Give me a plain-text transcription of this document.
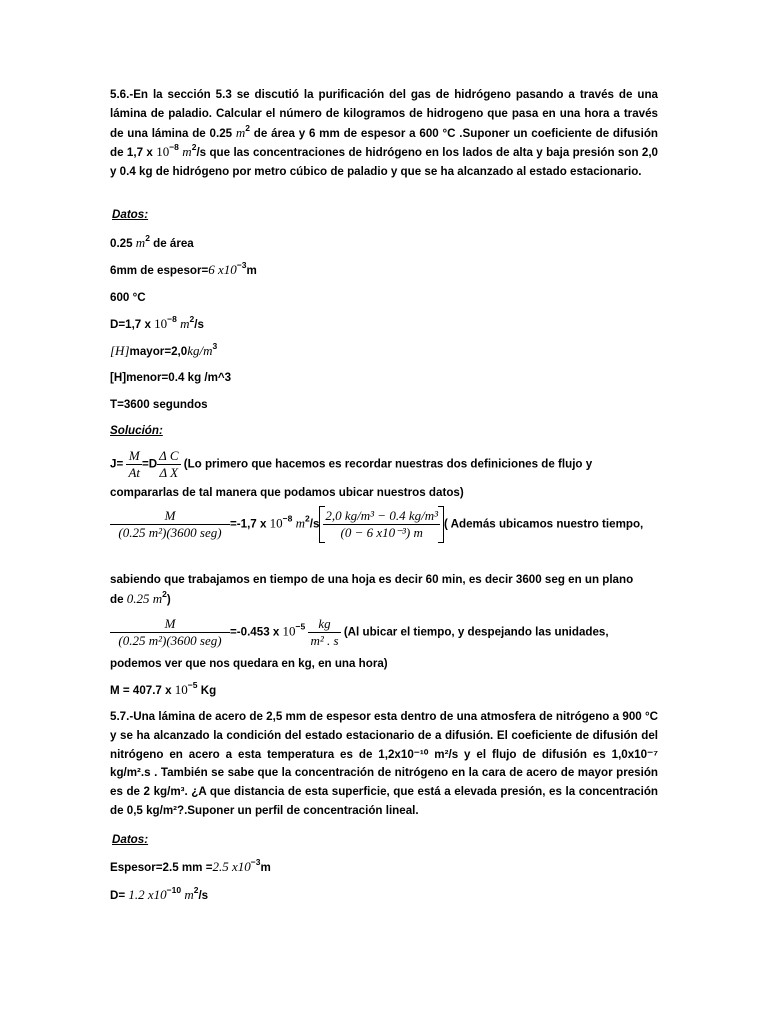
5.6.-En la sección 5.3 se discutió la purificación del gas de hidrógeno pasando a través de una lámina de paladio. Calcular el número de kilogramos de hidrogeno que pasa en una hora a través de una lámina de 0.25 $m^2$ de área y 6 mm de espesor a 600 °C .Suponer un coeficiente de difusión de 1,7 x $10^{-8}$ $m^2/s$ que las concentraciones de hidrógeno en los lados de alta y baja presión son 2,0 y 0.4 kg de hidrógeno por metro cúbico de paladio y que se ha alcanzado al estado estacionario.

Datos:
0.25 $m^2$ de área
6mm de espesor=6 $x10^{-3}m$
600 °C
D=1,7 x $10^{-8}$ $m^2/s$
$[H]mayor=2,0kg/m^3$
[H]menor=0.4 kg /m^3
T=3600 segundos
Solución:
$J= \frac{M}{At} =D \frac{\text{Δ C}}{\text{Δ X}} (Lo$ primero que hacemos es recordar nuestras dos definiciones de flujo y
compararlas de tal manera que podamos ubicar nuestros datos)
$\frac{M}{\text{(0.25 m²)(3600 seg)}} =-1,7$ x $10^{-8}$ $m^2/s \frac{\text{2,0 kg/m³ − 0.4 kg/m³}}{\text{(0 − 6 x10⁻³) m}}$ ( Además ubicamos nuestro tiempo,
sabiendo que trabajamos en tiempo de una hoja es decir 60 min, es decir 3600 seg en un plano
de 0.25 $m^2$)
$\frac{M}{\text{(0.25 m²)(3600 seg)}} =-0.453$ x $10^{-5} \frac{kg}{\text{m² . s}} (Al$ ubicar el tiempo, y despejando las unidades,
podemos ver que nos quedara en kg, en una hora)
M = 407.7 x $10^{-5}$ Kg

5.7.-Una lámina de acero de 2,5 mm de espesor esta dentro de una atmosfera de nitrógeno a 900 °C y se ha alcanzado la condición del estado estacionario de a difusión. El coeficiente de difusión del nitrógeno en acero a esta temperatura es de 1,2x10⁻¹⁰ m²/s y el flujo de difusión es 1,0x10⁻⁷ kg/m².s . También se sabe que la concentración de nitrógeno en la cara de acero de mayor presión es de 2 kg/m³. ¿A que distancia de esta superficie, que está a elevada presión, es la concentración de 0,5 kg/m²?.Suponer un perfil de concentración lineal.

Datos:
Espesor=2.5 mm =2.5 $x10^{-3}m$
D= 1.2 $x10^{-10}$ $m^2/s$
